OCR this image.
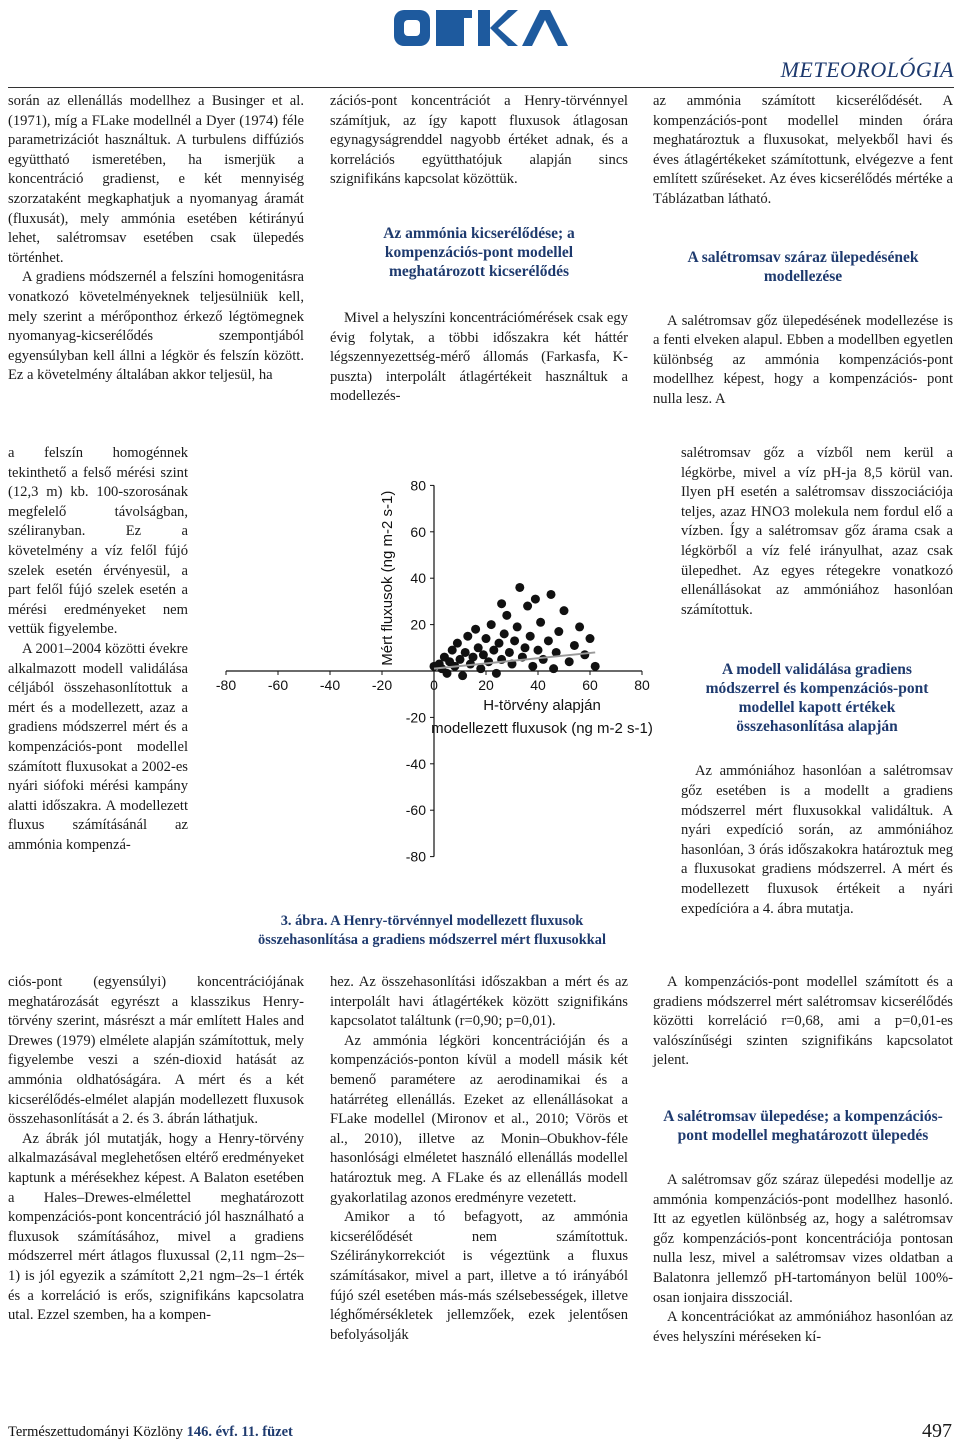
METEOROLÓGIA

során az ellenállás modellhez a Businger et al. (1971), míg a FLake modellnél a Dyer (1974) féle parametrizációt használtuk. A turbulens diffúziós együttható ismeretében, ha ismerjük a koncentráció gradienst, e két mennyiség szorzataként megkaphatjuk a nyomanyag áramát (fluxusát), mely ammónia esetében kétirányú lehet, salétromsav esetében csak ülepedés történhet.

A gradiens módszernél a felszíni homogenitásra vonatkozó követelményeknek teljesülniük kell, mely szerint a mérőponthoz érkező légtömegnek nyomanyag-kicserélődés szempontjából egyensúlyban kell állni a légkör és felszín között. Ez a követelmény általában akkor teljesül, ha

a felszín homogénnek tekinthető a felső mérési szint (12,3 m) kb. 100-szorosának megfelelő távolságban, széliranyban. Ez a követelmény a víz felől fújó szelek esetén érvényesül, a part felől fújó szelek esetén a mérési eredményeket nem vettük figyelembe.

A 2001–2004 közötti évekre alkalmazott modell validálása céljából összehasonlítottuk a mért és a modellezett, azaz a gradiens módszerrel mért és a kompenzációs-pont modellel számított fluxusokat a 2002-es nyári siófoki mérési kampány alatti időszakra. A modellezett fluxus számításánál az ammónia kompenzá-

ciós-pont (egyensúlyi) koncentrációjának meghatározását egyrészt a klasszikus Henry-törvény szerint, másrészt a már említett Hales and Drewes (1979) elmélete alapján számítottuk, mely figyelembe veszi a szén-dioxid hatását az ammónia oldhatóságára. A mért és a két kicserélődés-elmélet alapján modellezett fluxusok összehasonlítását a 2. és 3. ábrán láthatjuk.

Az ábrák jól mutatják, hogy a Henry-törvény alkalmazásával meglehetősen eltérő eredményeket kaptunk a mérésekhez képest. A Balaton esetében a Hales–Drewes-elmélettel meghatározott kompenzációs-pont koncentráció jól használható a fluxusok számításához, mivel a gradiens módszerrel mért átlagos fluxussal (2,11 ngm–2s–1) is jól egyezik a számított 2,21 ngm–2s–1 érték és a korreláció is erős, szignifikáns kapcsolatra utal. Ezzel szemben, ha a kompen-

zációs-pont koncentrációt a Henry-törvénnyel számítjuk, az így kapott fluxusok átlagosan egynagyságrenddel nagyobb értéket adnak, és a korrelációs együtthatójuk alapján sincs szignifikáns kapcsolat közöttük.

Az ammónia kicserélődése; a kompenzációs-pont modellel meghatározott kicserélődés

Mivel a helyszíni koncentrációmérések csak egy évig folytak, a többi időszakra két háttér légszennyezettség-mérő állomás (Farkasfa, K-puszta) interpolált átlagértékeit használtuk a modellezés-

hez. Az összehasonlítási időszakban a mért és az interpolált havi átlagértékek között szignifikáns kapcsolatot találtunk (r=0,90; p=0,01).

Az ammónia légköri koncentrációján és a kompenzációs-ponton kívül a modell másik két bemenő paramétere az aerodinamikai és a határréteg ellenállás. Ezeket az ellenállásokat a FLake modellel (Mironov et al., 2010; Vörös et al., 2010), illetve az Monin–Obukhov-féle hasonlósági elméletet használó ellenállás modellel határoztuk meg. A FLake és az ellenállás modell gyakorlatilag azonos eredményre vezetett.

Amikor a tó befagyott, az ammónia kicserélődését nem számítottuk. Széliránykorrekciót is végeztünk a fluxus számításakor, mivel a part, illetve a tó irányából fújó szél esetében más-más szélsebességek, illetve léghőmérsékletek jellemzőek, ezek jelentősen befolyásolják

az ammónia számított kicserélődését. A kompenzációs-pont modellel minden órára meghatároztuk a fluxusokat, melyekből havi és éves átlagértékeket számítottunk, elvégezve a fent említett szűréseket. Az éves kicserélődés mértéke a Táblázatban látható.

A salétromsav száraz ülepedésének modellezése

A salétromsav gőz ülepedésének modellezése is a fenti elveken alapul. Ebben a modellben egyetlen különbség az ammónia kompenzációs-pont modellhez képest, hogy a kompenzációs- pont nulla lesz. A

salétromsav gőz a vízből nem kerül a légkörbe, mivel a víz pH-ja 8,5 körül van. Ilyen pH esetén a salétromsav disszociációja teljes, azaz HNO3 molekula nem fordul elő a vízben. Így a salétromsav gőz árama csak a légkörből a víz felé irányulhat, azaz csak ülepedhet. Az egyes rétegekre vonatkozó ellenállásokat az ammóniához hasonlóan számítottuk.

A modell validálása gradiens módszerrel és kompenzációs-pont modellel kapott értékek összehasonlítása alapján

Az ammóniához hasonlóan a salétromsav gőz esetében is a modellt a gradiens módszerrel mért fluxusokkal validáltuk. A nyári expedíció során, az ammóniához hasonlóan, 3 órás időszakokra határoztuk meg a fluxusokat gradiens módszerrel. A mért és modellezett fluxusok értékeit a nyári expedícióra a 4. ábra mutatja.

A kompenzációs-pont modellel számított és a gradiens módszerrel mért salétromsav kicserélődés közötti korreláció r=0,68, ami a p=0,01-es valószínűségi szinten szignifikáns kapcsolatot jelent.

A salétromsav ülepedése; a kompenzációs-pont modellel meghatározott ülepedés

A salétromsav gőz száraz ülepedési modellje az ammónia kompenzációs-pont modellhez hasonló. Itt az egyetlen különbség az, hogy a salétromsav gőz kompenzációs-pont koncentrációja pontosan nulla lesz, mivel a salétromsav vizes oldatban a Balatonra jellemző pH-tartományon belül 100%-osan ionjaira disszociál.

A koncentrációkat az ammóniához hasonlóan az éves helyszíni méréseken kí-

-80 -60 -40 -20	0	20	40	60	80
-80
-60
-40
-20
20
40
60
80
Mért fluxusok (ng m-2 s-1)
H-törvény alapján
modellezett fluxusok (ng m-2 s-1)
3. ábra. A Henry-törvénnyel modellezett fluxusok
összehasonlítása a gradiens módszerrel mért fluxusokkal
Természettudományi Közlöny 146. évf. 11. füzet	497
